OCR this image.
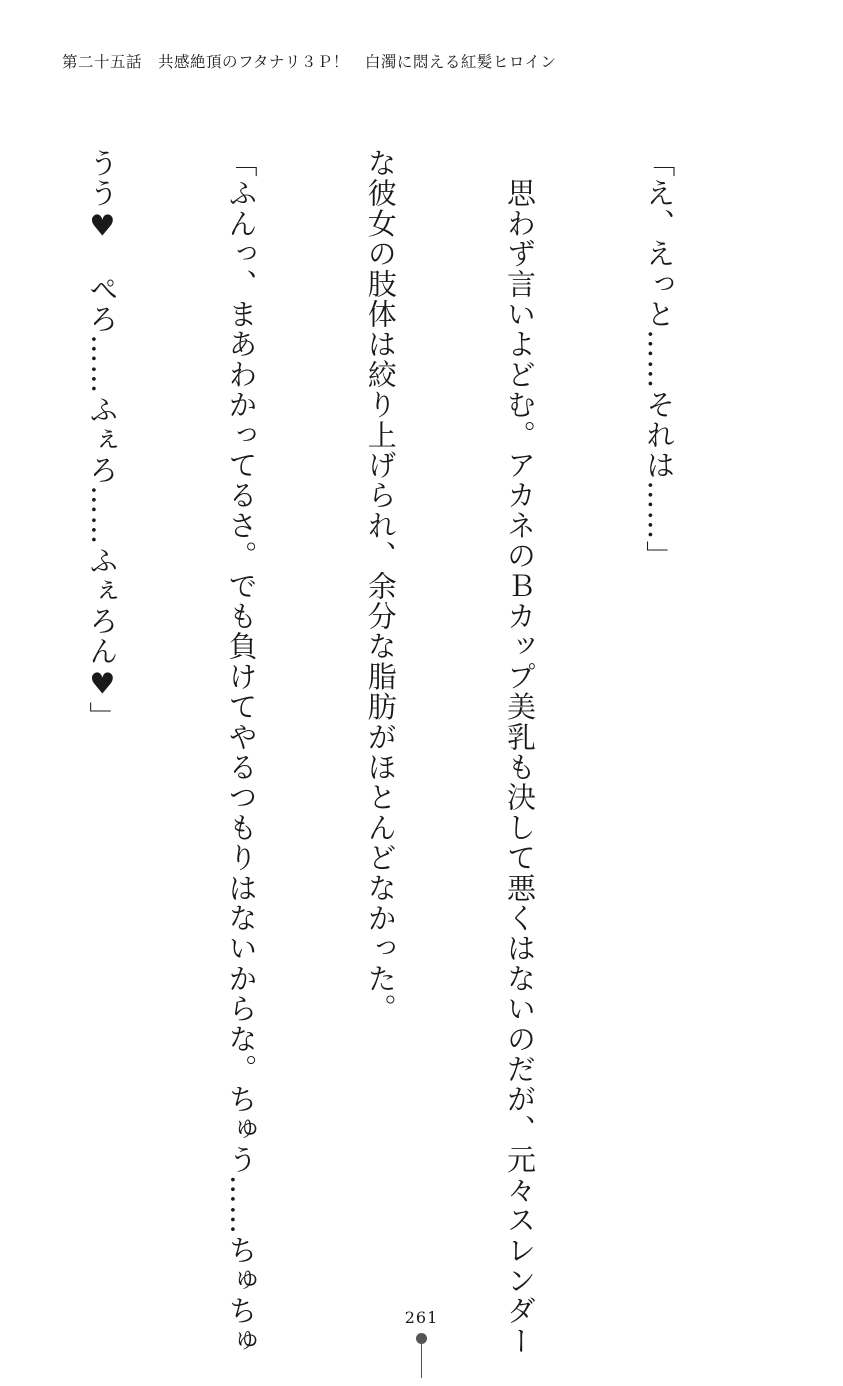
第二十五話　共感絶頂のフタナリ３Ｐ！　白濁に悶える紅髪ヒロイン

「え、えっと……それは……」

　思わず言いよどむ。アカネのＢカップ美乳も決して悪くはないのだが、元々スレンダー

な彼女の肢体は絞り上げられ、余分な脂肪がほとんどなかった。

「ふんっ、まあわかってるさ。でも負けてやるつもりはないからな。ちゅう……ちゅちゅ

うう♥　ぺろ……ふぇろ……ふぇろん♥」

261
